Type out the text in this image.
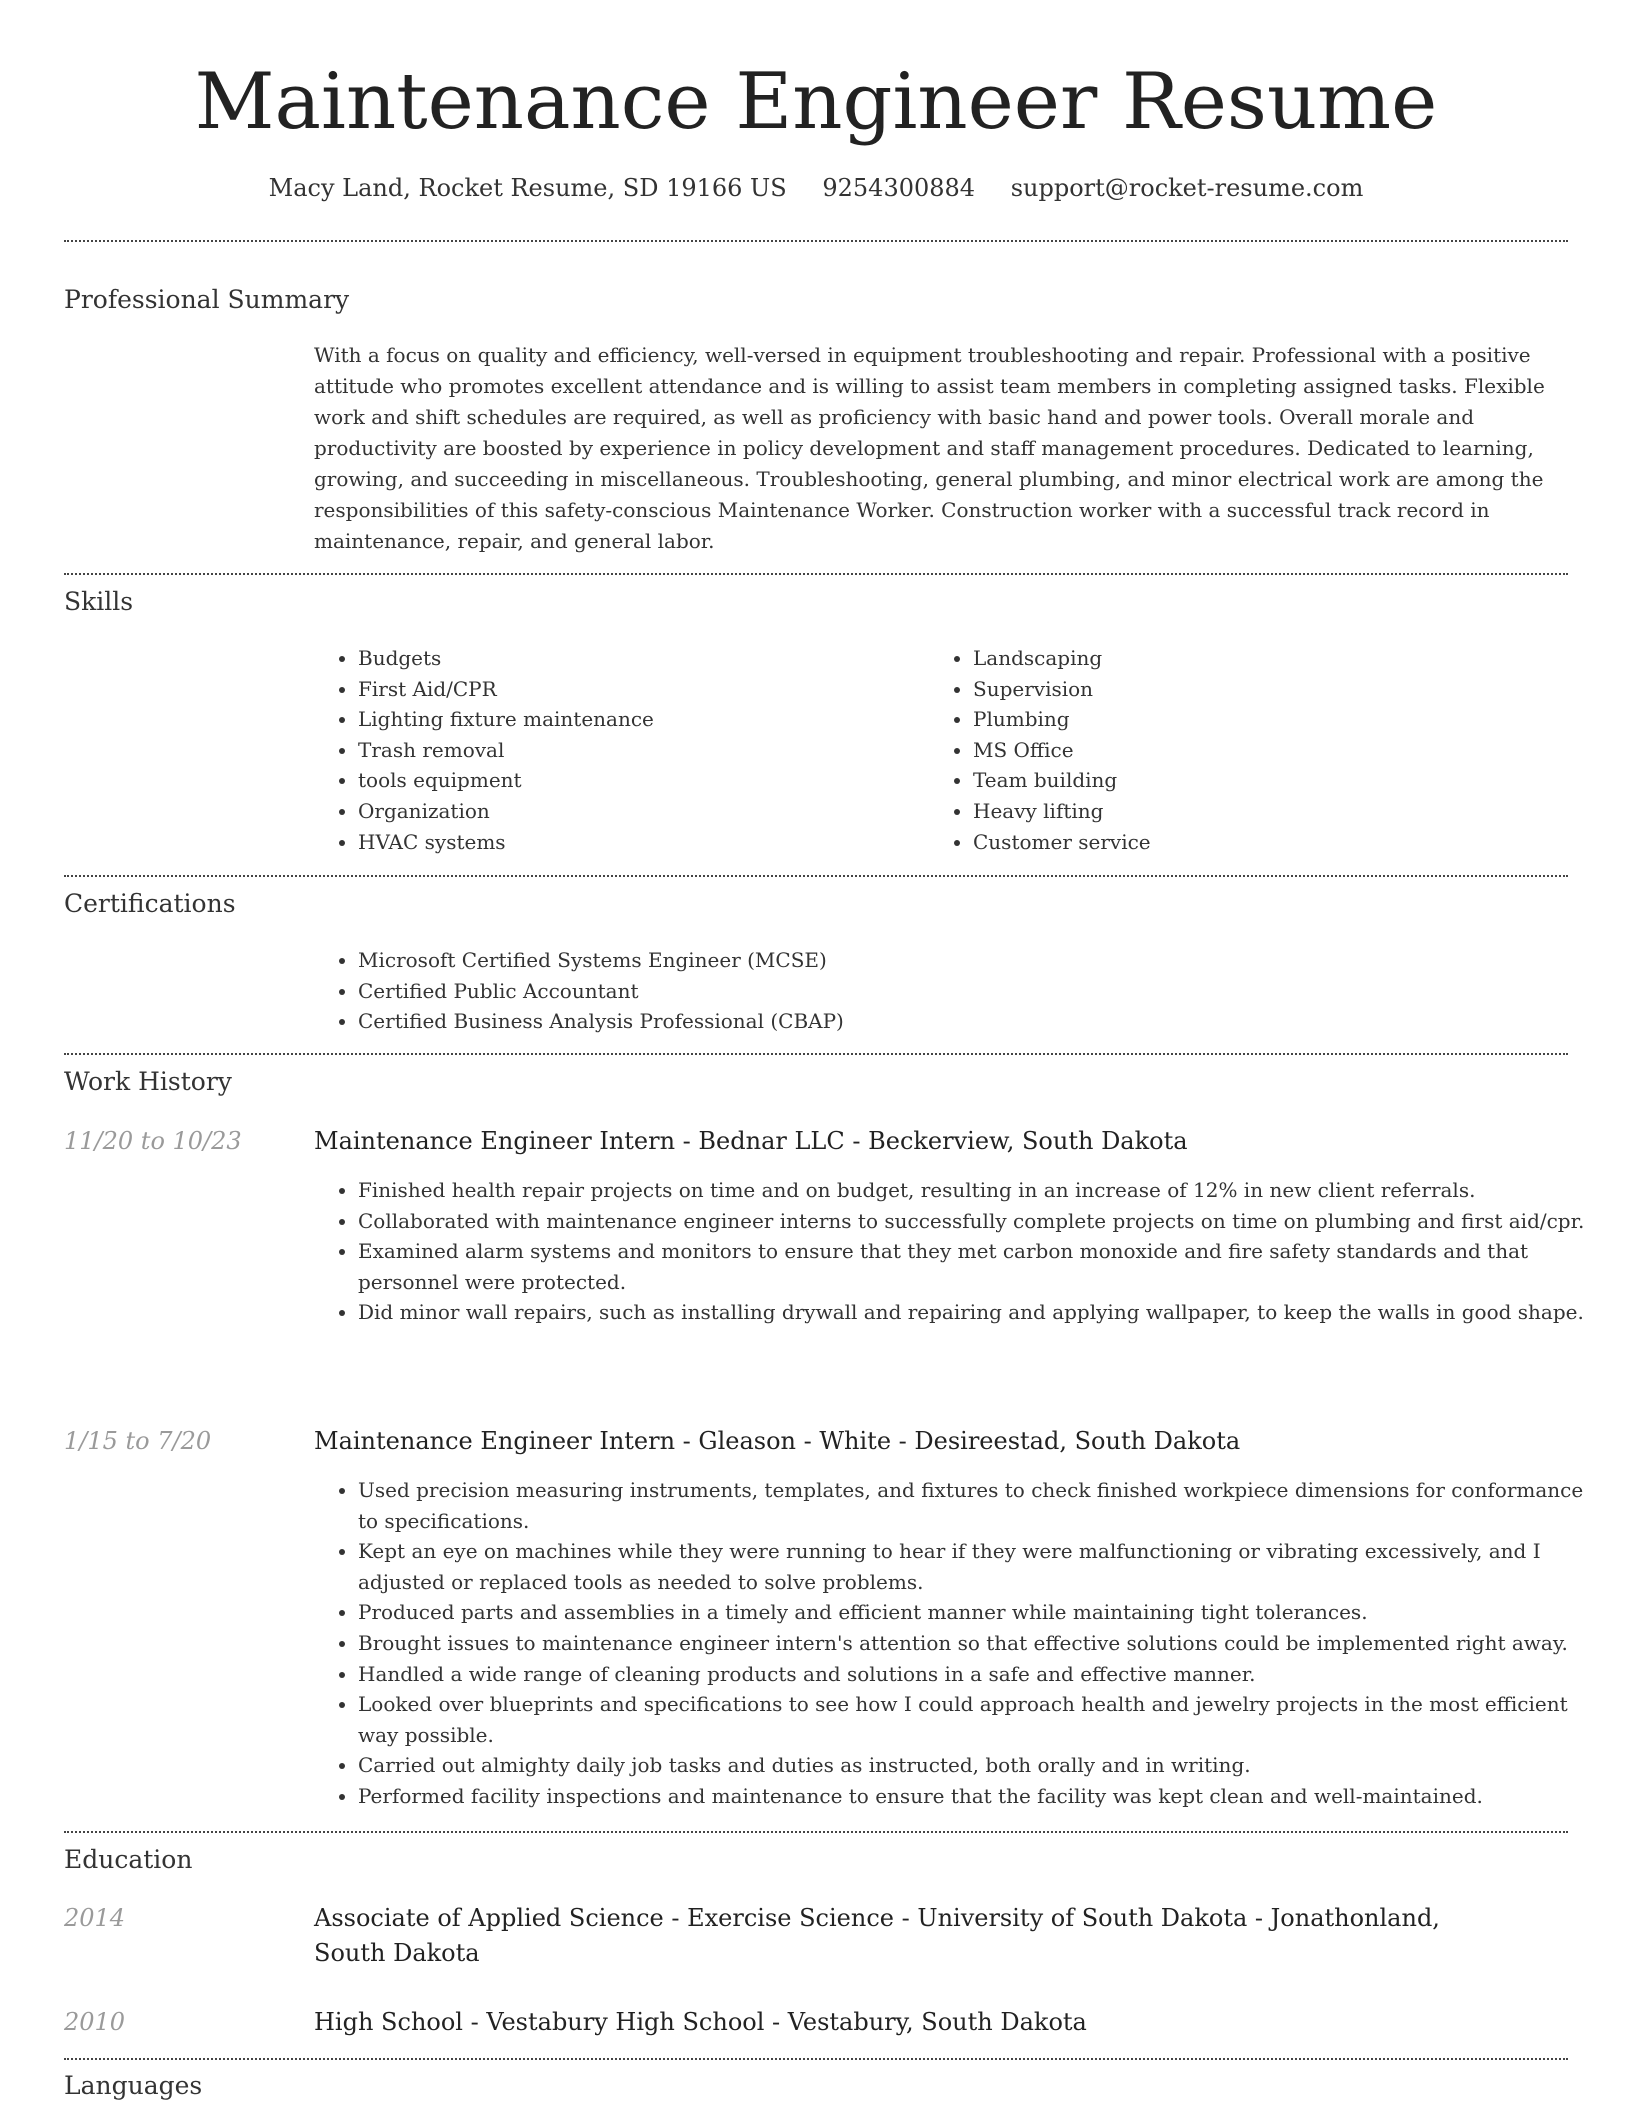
Maintenance Engineer Resume
Macy Land, Rocket Resume, SD 19166 US 9254300884 support@rocket-resume.com
Professional Summary

With a focus on quality and efficiency, well-versed in equipment troubleshooting and repair. Professional with a positive attitude who promotes excellent attendance and is willing to assist team members in completing assigned tasks. Flexible work and shift schedules are required, as well as proficiency with basic hand and power tools. Overall morale and productivity are boosted by experience in policy development and staff management procedures. Dedicated to learning, growing, and succeeding in miscellaneous. Troubleshooting, general plumbing, and minor electrical work are among the responsibilities of this safety-conscious Maintenance Worker. Construction worker with a successful track record in maintenance, repair, and general labor.

Skills
• Budgets
• First Aid/CPR
• Lighting fixture maintenance
• Trash removal
• tools equipment
• Organization
• HVAC systems
• Landscaping
• Supervision
• Plumbing
• MS Office
• Team building
• Heavy lifting
• Customer service
Certifications
• Microsoft Certified Systems Engineer (MCSE)
• Certified Public Accountant
• Certified Business Analysis Professional (CBAP)
Work History
11/20 to 10/23	Maintenance Engineer Intern - Bednar LLC - Beckerview, South Dakota
• Finished health repair projects on time and on budget, resulting in an increase of 12% in new client referrals.
• Collaborated with maintenance engineer interns to successfully complete projects on time on plumbing and first aid/cpr.
• Examined alarm systems and monitors to ensure that they met carbon monoxide and fire safety standards and that personnel were protected.
• Did minor wall repairs, such as installing drywall and repairing and applying wallpaper, to keep the walls in good shape.
1/15 to 7/20	Maintenance Engineer Intern - Gleason - White - Desireestad, South Dakota
• Used precision measuring instruments, templates, and fixtures to check finished workpiece dimensions for conformance to specifications.
• Kept an eye on machines while they were running to hear if they were malfunctioning or vibrating excessively, and I adjusted or replaced tools as needed to solve problems.
• Produced parts and assemblies in a timely and efficient manner while maintaining tight tolerances.
• Brought issues to maintenance engineer intern's attention so that effective solutions could be implemented right away.
• Handled a wide range of cleaning products and solutions in a safe and effective manner.
• Looked over blueprints and specifications to see how I could approach health and jewelry projects in the most efficient way possible.
• Carried out almighty daily job tasks and duties as instructed, both orally and in writing.
• Performed facility inspections and maintenance to ensure that the facility was kept clean and well-maintained.
Education
2014	Associate of Applied Science - Exercise Science - University of South Dakota - Jonathonland, South Dakota
2010	High School - Vestabury High School - Vestabury, South Dakota
Languages
